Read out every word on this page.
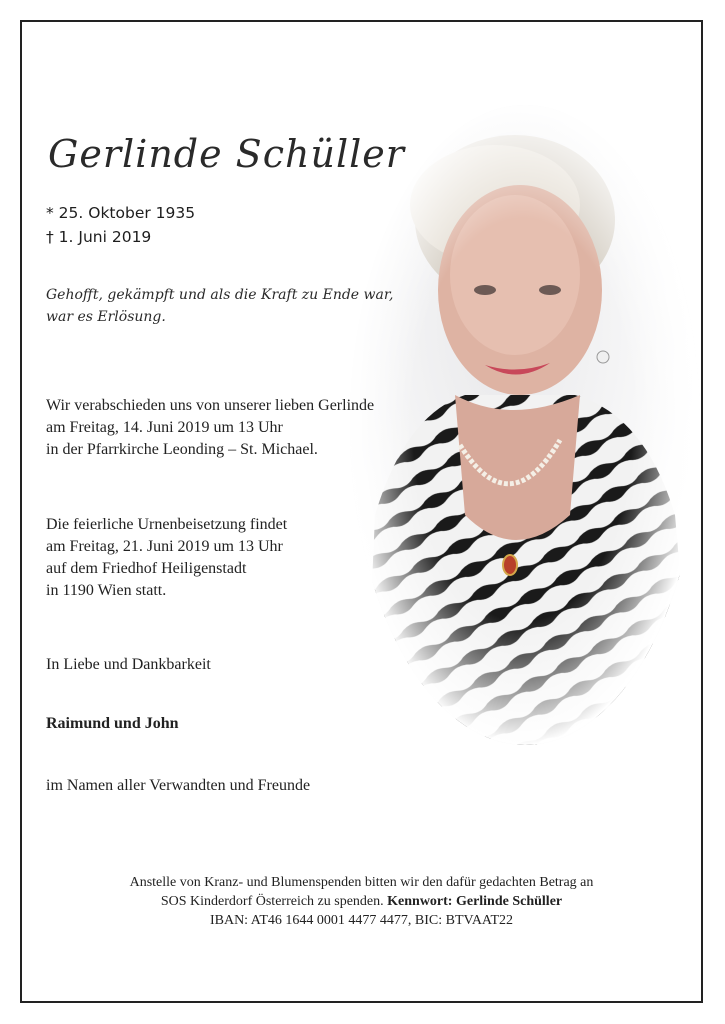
Gerlinde Schüller
* 25. Oktober 1935
† 1. Juni 2019
Gehofft, gekämpft und als die Kraft zu Ende war,
war es Erlösung.
Wir verabschieden uns von unserer lieben Gerlinde
am Freitag, 14. Juni 2019 um 13 Uhr
in der Pfarrkirche Leonding – St. Michael.
Die feierliche Urnenbeisetzung findet
am Freitag, 21. Juni 2019 um 13 Uhr
auf dem Friedhof Heiligenstadt
in 1190 Wien statt.
In Liebe und Dankbarkeit
Raimund und John
im Namen aller Verwandten und Freunde
Anstelle von Kranz- und Blumenspenden bitten wir den dafür gedachten Betrag an
SOS Kinderdorf Österreich zu spenden. Kennwort: Gerlinde Schüller
IBAN: AT46 1644 0001 4477 4477, BIC: BTVAAT22
